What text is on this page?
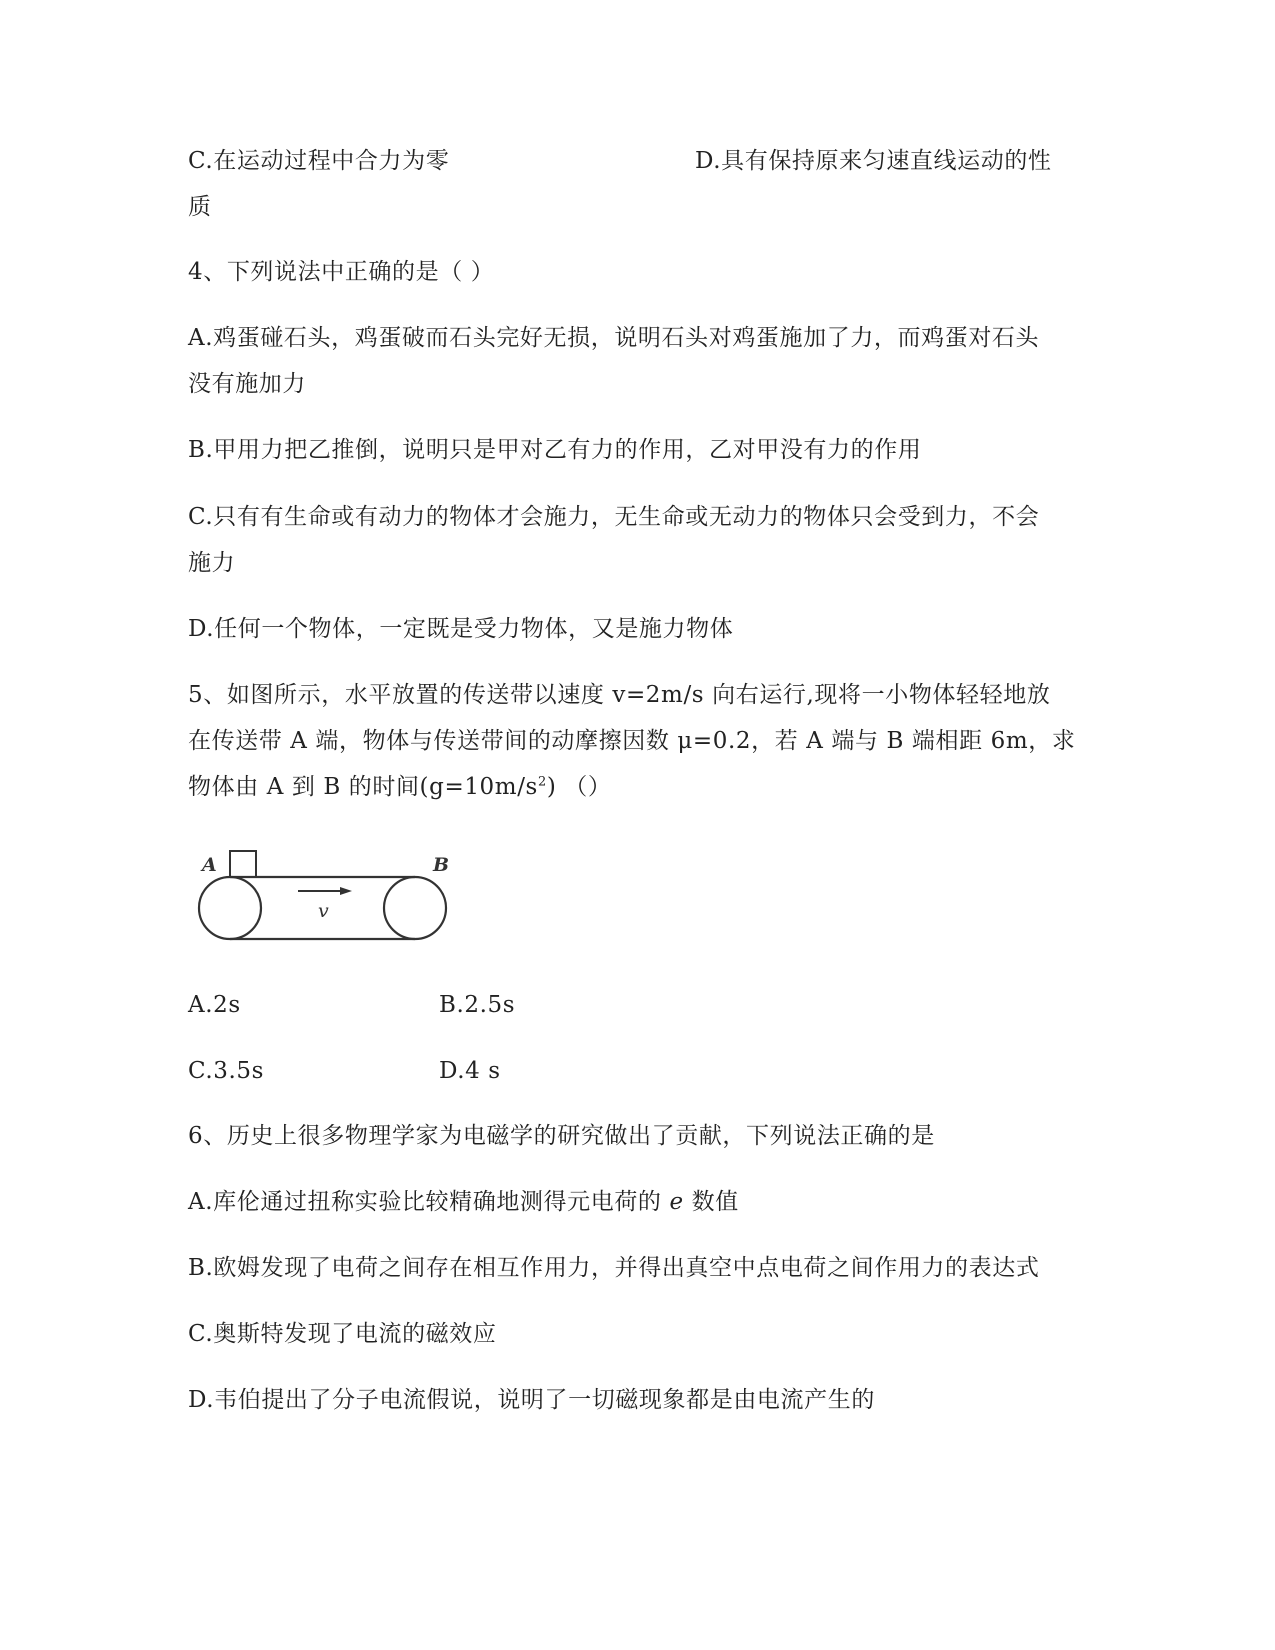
C.在运动过程中合力为零	D.具有保持原来匀速直线运动的性
质
4、下列说法中正确的是（ ）
A.鸡蛋碰石头，鸡蛋破而石头完好无损，说明石头对鸡蛋施加了力，而鸡蛋对石头
没有施加力
B.甲用力把乙推倒，说明只是甲对乙有力的作用，乙对甲没有力的作用
C.只有有生命或有动力的物体才会施力，无生命或无动力的物体只会受到力，不会
施力
D.任何一个物体，一定既是受力物体，又是施力物体
5、如图所示，水平放置的传送带以速度 v=2m/s 向右运行,现将一小物体轻轻地放
在传送带 A 端，物体与传送带间的动摩擦因数 μ=0.2，若 A 端与 B 端相距 6m，求
物体由 A 到 B 的时间$(g=10m/s^2)$ （）
A	B
v
A.2s	B.2.5s
C.3.5s	D.4 s
6、历史上很多物理学家为电磁学的研究做出了贡献，下列说法正确的是
A.库伦通过扭称实验比较精确地测得元电荷的 e 数值
B.欧姆发现了电荷之间存在相互作用力，并得出真空中点电荷之间作用力的表达式
C.奥斯特发现了电流的磁效应
D.韦伯提出了分子电流假说，说明了一切磁现象都是由电流产生的
